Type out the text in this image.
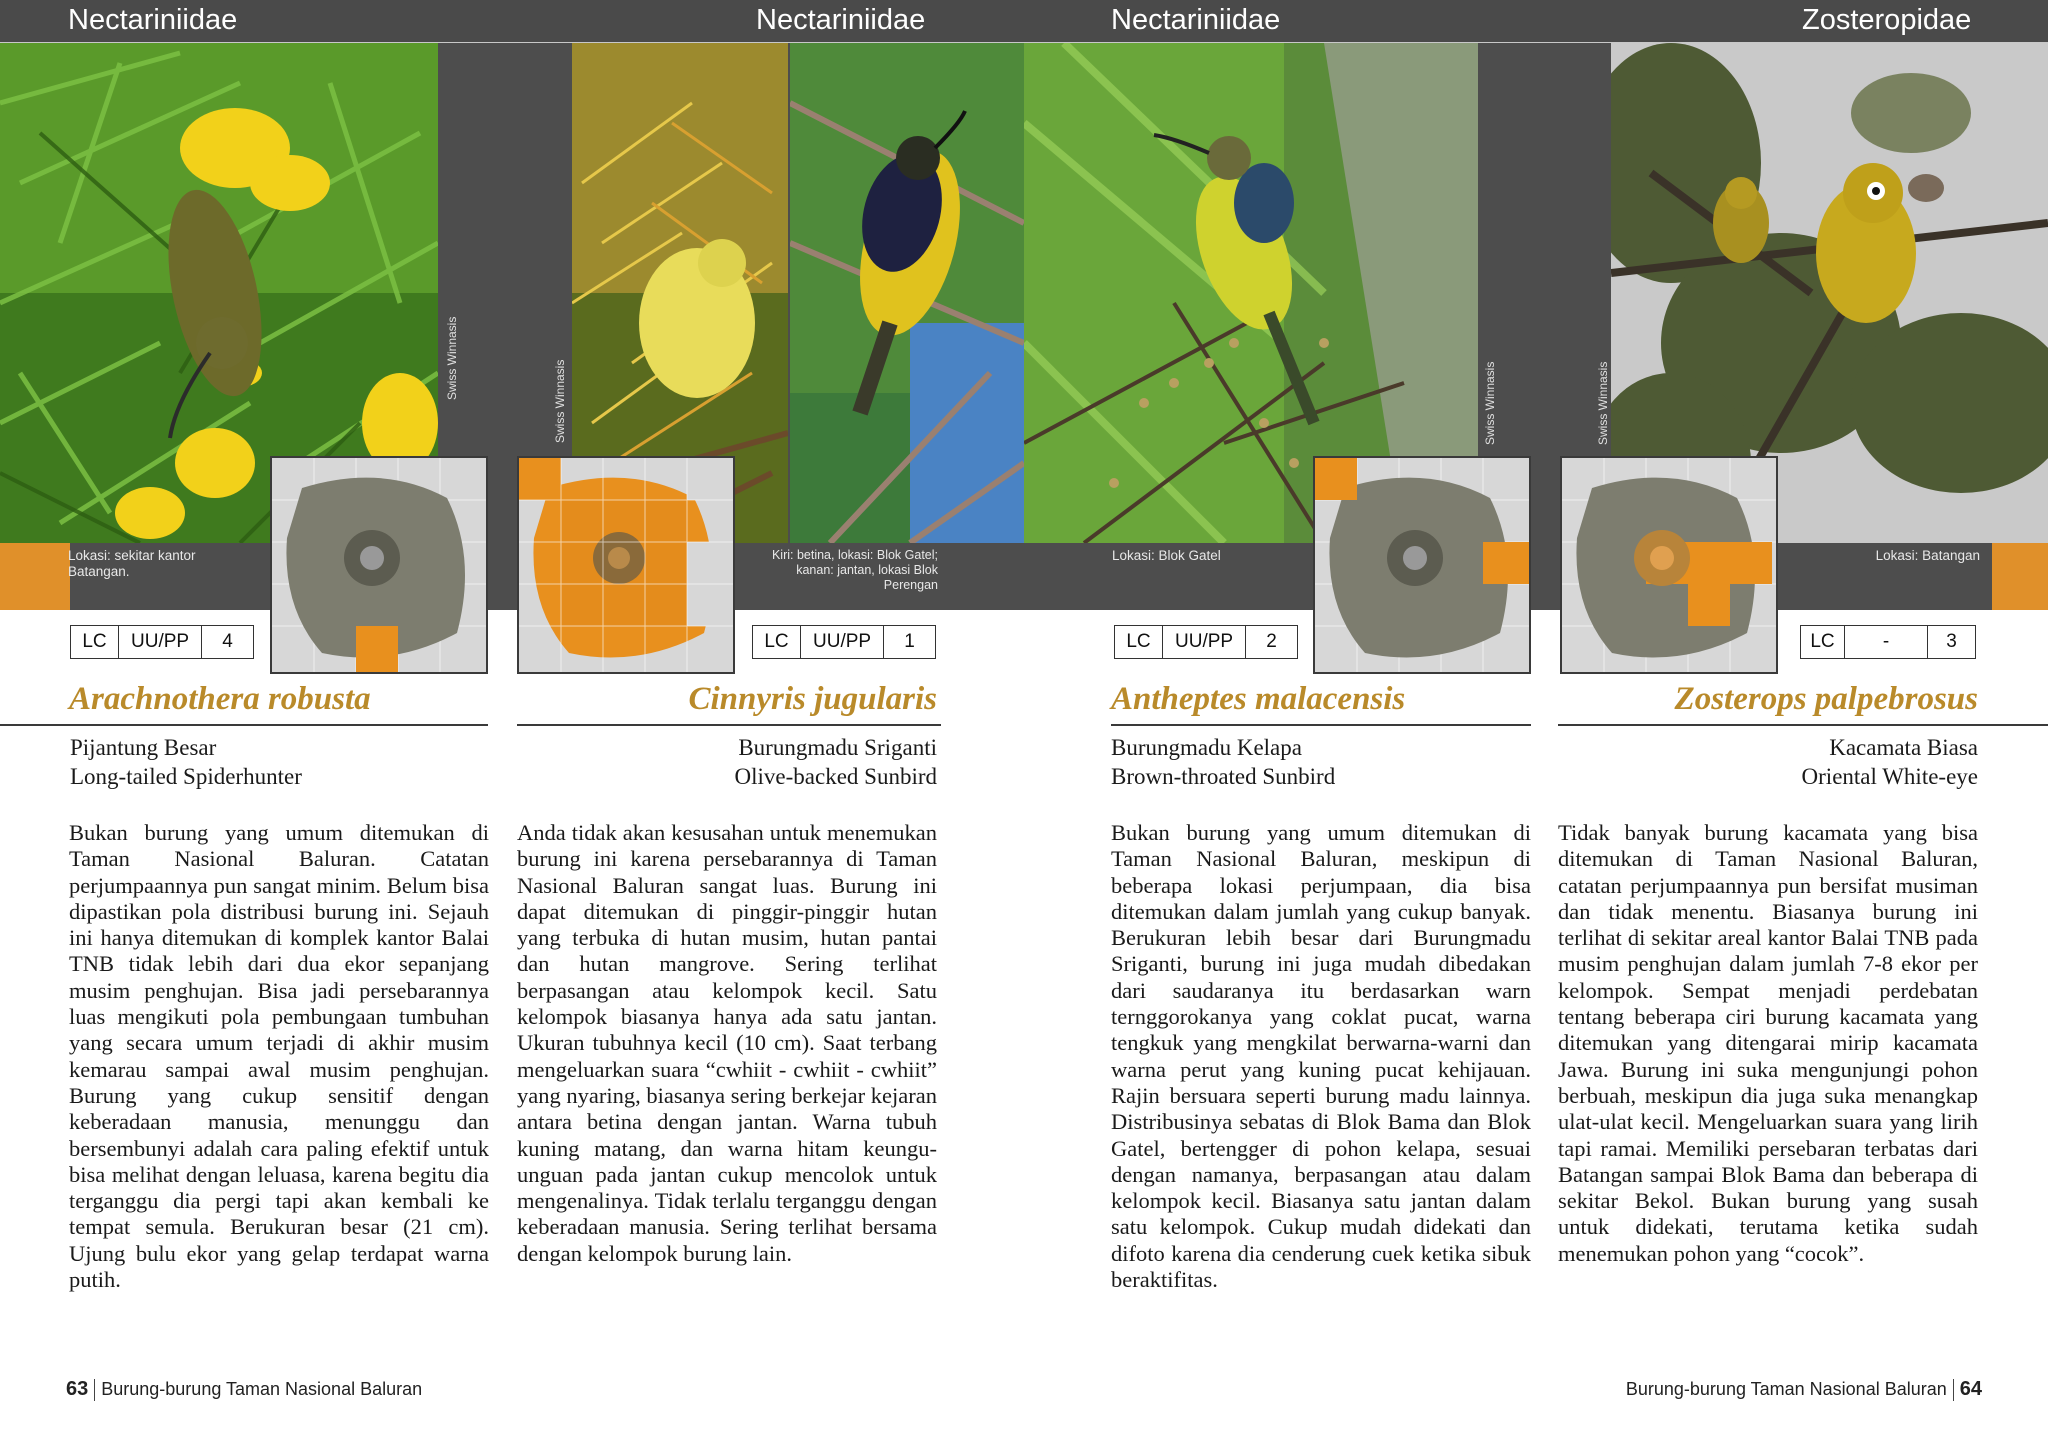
Nectariniidae	Nectariniidae	Nectariniidae	Zosteropidae
Swiss Winnasis
Lokasi: sekitar kantor Batangan.
Swiss Winnasis
Kiri: betina, lokasi: Blok Gatel; kanan: jantan, lokasi Blok Perengan
Swiss Winnasis
Lokasi: Blok Gatel
Swiss Winnasis
Lokasi: Batangan
LC	UU/PP	4	LC	UU/PP	1	LC	UU/PP	2	LC	-	3
Arachnothera robusta	Cinnyris jugularis	Antheptes malacensis	Zosterops palpebrosus
Pijantung Besar
Long-tailed Spiderhunter
Burungmadu Sriganti
Olive-backed Sunbird
Burungmadu Kelapa
Brown-throated Sunbird
Kacamata Biasa
Oriental White-eye
Bukan burung yang umum ditemukan di Taman Nasional Baluran. Catatan perjumpaannya pun sangat minim. Belum bisa dipastikan pola distribusi burung ini. Sejauh ini hanya ditemukan di komplek kantor Balai TNB tidak lebih dari dua ekor sepanjang musim penghujan. Bisa jadi persebarannya luas mengikuti pola pembungaan tumbuhan yang secara umum terjadi di akhir musim kemarau sampai awal musim penghujan. Burung yang cukup sensitif dengan keberadaan manusia, menunggu dan bersembunyi adalah cara paling efektif untuk bisa melihat dengan leluasa, karena begitu dia terganggu dia pergi tapi akan kembali ke tempat semula. Berukuran besar (21 cm). Ujung bulu ekor yang gelap terdapat warna putih.
Anda tidak akan kesusahan untuk menemukan burung ini karena persebarannya di Taman Nasional Baluran sangat luas. Burung ini dapat ditemukan di pinggir-pinggir hutan yang terbuka di hutan musim, hutan pantai dan hutan mangrove. Sering terlihat berpasangan atau kelompok kecil. Satu kelompok biasanya hanya ada satu jantan. Ukuran tubuhnya kecil (10 cm). Saat terbang mengeluarkan suara “cwhiit - cwhiit - cwhiit” yang nyaring, biasanya sering berkejar kejaran antara betina dengan jantan. Warna tubuh kuning matang, dan warna hitam keungu-unguan pada jantan cukup mencolok untuk mengenalinya. Tidak terlalu terganggu dengan keberadaan manusia. Sering terlihat bersama dengan kelompok burung lain.
Bukan burung yang umum ditemukan di Taman Nasional Baluran, meskipun di beberapa lokasi perjumpaan, dia bisa ditemukan dalam jumlah yang cukup banyak. Berukuran lebih besar dari Burungmadu Sriganti, burung ini juga mudah dibedakan dari saudaranya itu berdasarkan warn ternggorokanya yang coklat pucat, warna tengkuk yang mengkilat berwarna-warni dan warna perut yang kuning pucat kehijauan. Rajin bersuara seperti burung madu lainnya. Distribusinya sebatas di Blok Bama dan Blok Gatel, bertengger di pohon kelapa, sesuai dengan namanya, berpasangan atau dalam kelompok kecil. Biasanya satu jantan dalam satu kelompok. Cukup mudah didekati dan difoto karena dia cenderung cuek ketika sibuk beraktifitas.
Tidak banyak burung kacamata yang bisa ditemukan di Taman Nasional Baluran, catatan perjumpaannya pun bersifat musiman dan tidak menentu. Biasanya burung ini terlihat di sekitar areal kantor Balai TNB pada musim penghujan dalam jumlah 7-8 ekor per kelompok. Sempat menjadi perdebatan tentang beberapa ciri burung kacamata yang ditemukan yang ditengarai mirip kacamata Jawa. Burung ini suka mengunjungi pohon berbuah, meskipun dia juga suka menangkap ulat-ulat kecil. Mengeluarkan suara yang lirih tapi ramai. Memiliki persebaran terbatas dari Batangan sampai Blok Bama dan beberapa di sekitar Bekol. Bukan burung yang susah untuk didekati, terutama ketika sudah menemukan pohon yang “cocok”.
63 Burung-burung Taman Nasional Baluran	Burung-burung Taman Nasional Baluran 64
